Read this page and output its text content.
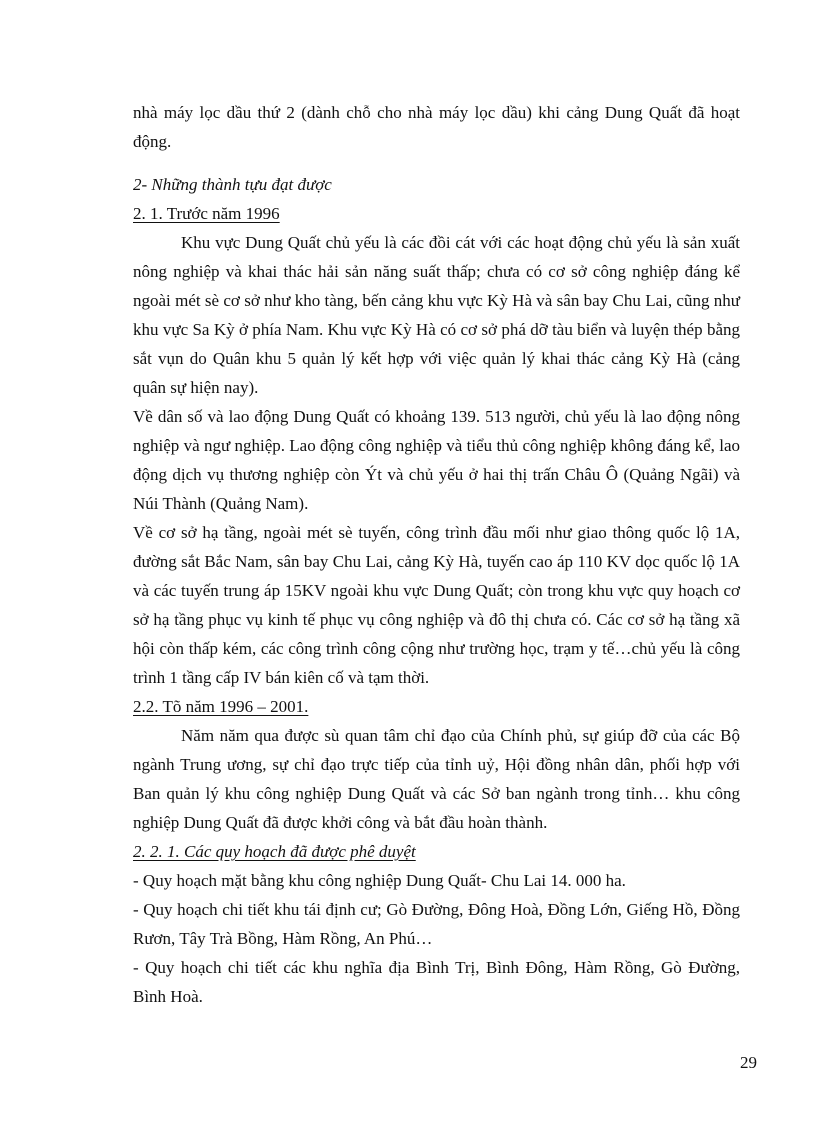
nhà máy lọc dầu thứ 2 (dành chỗ cho nhà máy lọc dầu) khi cảng Dung Quất đã hoạt động.

2- Những thành tựu đạt được
2. 1. Trước năm 1996

Khu vực Dung Quất chủ yếu là các đồi cát với các hoạt động chủ yếu là sản xuất nông nghiệp và khai thác hải sản năng suất thấp; chưa có cơ sở công nghiệp đáng kể ngoài mét sè cơ sở như kho tàng, bến cảng khu vực Kỳ Hà và sân bay Chu Lai, cũng như khu vực Sa Kỳ ở phía Nam. Khu vực Kỳ Hà có cơ sở phá dỡ tàu biển và luyện thép bằng sắt vụn do Quân khu 5 quản lý kết hợp với việc quản lý khai thác cảng Kỳ Hà (cảng quân sự hiện nay).

Về dân số và lao động Dung Quất có khoảng 139. 513 người, chủ yếu là lao động nông nghiệp và ngư nghiệp. Lao động công nghiệp và tiểu thủ công nghiệp không đáng kể, lao động dịch vụ thương nghiệp còn Ýt và chủ yếu ở hai thị trấn Châu Ô (Quảng Ngãi) và Núi Thành (Quảng Nam).

Về cơ sở hạ tầng, ngoài mét sè tuyến, công trình đầu mối như giao thông quốc lộ 1A, đường sắt Bắc Nam, sân bay Chu Lai, cảng Kỳ Hà, tuyến cao áp 110 KV dọc quốc lộ 1A và các tuyến trung áp 15KV ngoài khu vực Dung Quất; còn trong khu vực quy hoạch cơ sở hạ tầng phục vụ kinh tế phục vụ công nghiệp và đô thị chưa có. Các cơ sở hạ tầng xã hội còn thấp kém, các công trình công cộng như trường học, trạm y tế…chủ yếu là công trình 1 tầng cấp IV bán kiên cố và tạm thời.

2.2. Tõ năm 1996 – 2001.

Năm năm qua được sù quan tâm chỉ đạo của Chính phủ, sự giúp đỡ của các Bộ ngành Trung ương, sự chỉ đạo trực tiếp của tỉnh uỷ, Hội đồng nhân dân, phối hợp với Ban quản lý khu công nghiệp Dung Quất và các Sở ban ngành trong tỉnh… khu công nghiệp Dung Quất đã được khởi công và bắt đầu hoàn thành.

2. 2. 1. Các quy hoạch đã được phê duyệt

- Quy hoạch mặt bằng khu công nghiệp Dung Quất- Chu Lai 14. 000 ha.

- Quy hoạch chi tiết khu tái định cư; Gò Đường, Đông Hoà, Đồng Lớn, Giếng Hồ, Đồng Rươn, Tây Trà Bồng, Hàm Rồng, An Phú…

- Quy hoạch chi tiết các khu nghĩa địa Bình Trị, Bình Đông, Hàm Rồng, Gò Đường, Bình Hoà.

29
